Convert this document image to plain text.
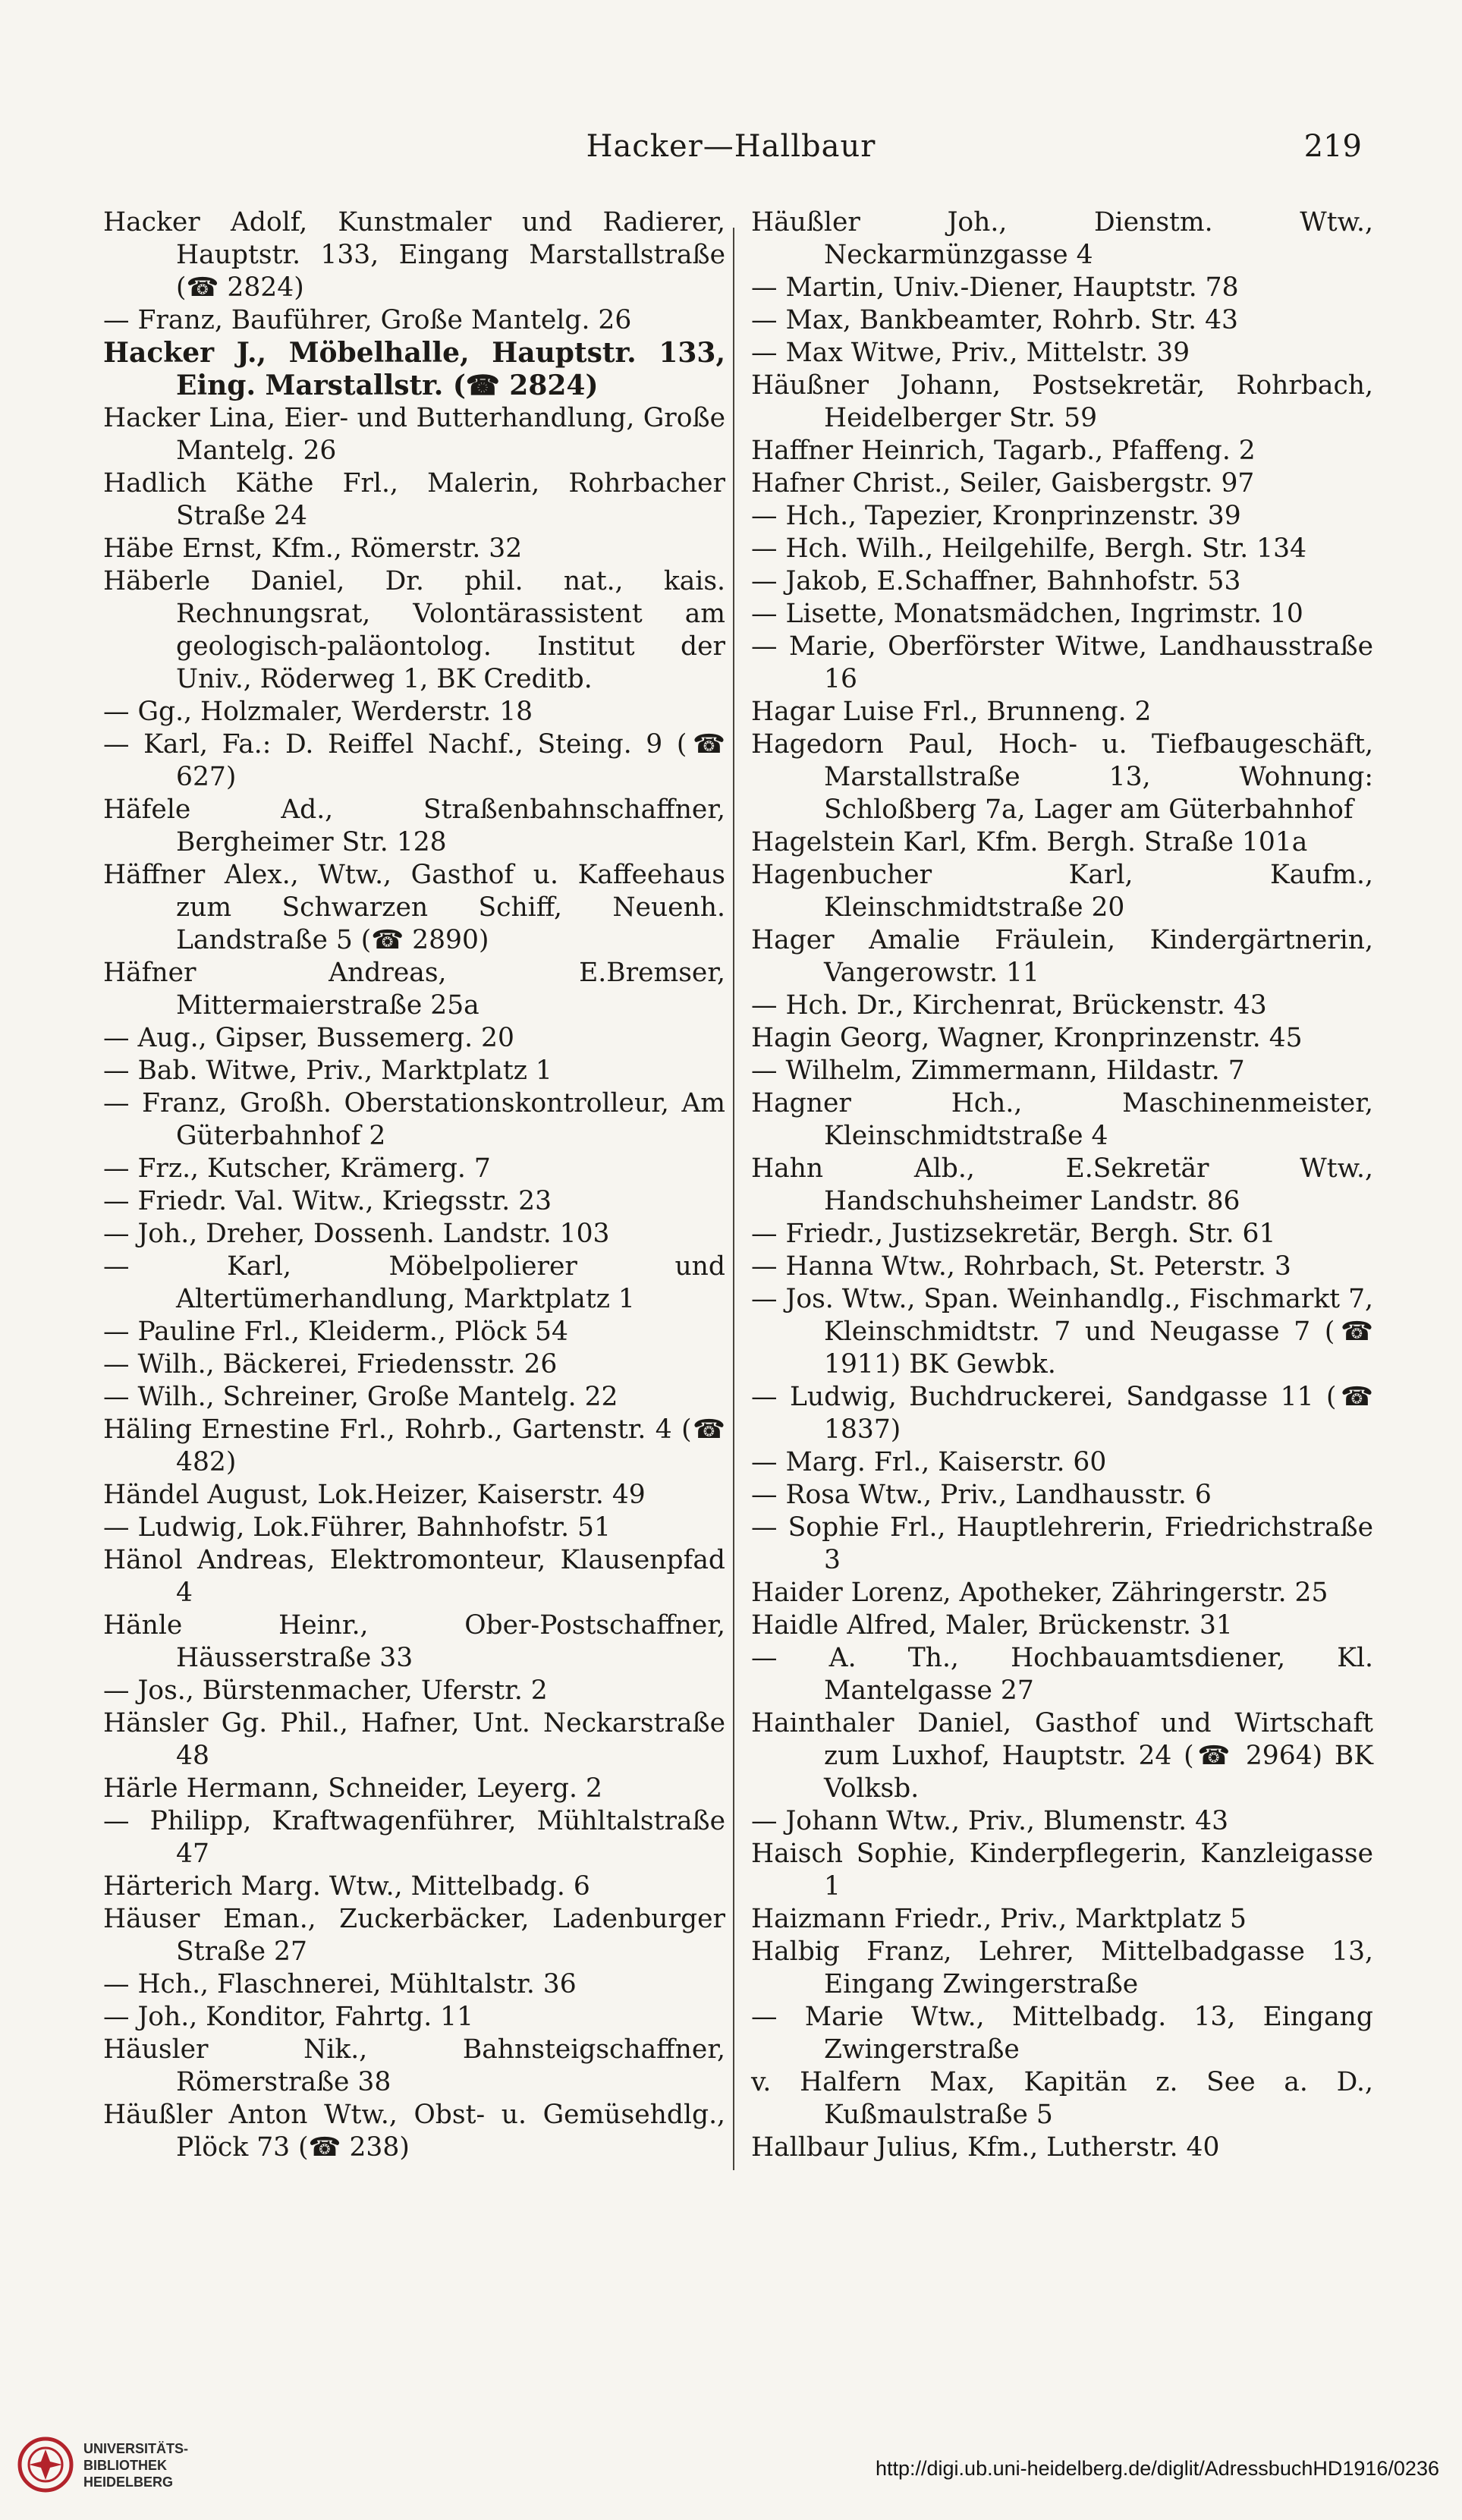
Hacker—Hallbaur	219

Hacker Adolf, Kunstmaler und Radierer, Hauptstr. 133, Eingang Marstallstraße (☎ 2824)

— Franz, Bauführer, Große Mantelg. 26

Hacker J., Möbelhalle, Hauptstr. 133, Eing. Marstallstr. (☎ 2824)

Hacker Lina, Eier- und Butterhandlung, Große Mantelg. 26

Hadlich Käthe Frl., Malerin, Rohrbacher Straße 24

Häbe Ernst, Kfm., Römerstr. 32

Häberle Daniel, Dr. phil. nat., kais. Rechnungsrat, Volontärassistent am geologisch-paläontolog. Institut der Univ., Röderweg 1, BK Creditb.

— Gg., Holzmaler, Werderstr. 18

— Karl, Fa.: D. Reiffel Nachf., Steing. 9 (☎ 627)

Häfele Ad., Straßenbahnschaffner, Bergheimer Str. 128

Häffner Alex., Wtw., Gasthof u. Kaffeehaus zum Schwarzen Schiff, Neuenh. Landstraße 5 (☎ 2890)

Häfner Andreas, E.Bremser, Mittermaierstraße 25a

— Aug., Gipser, Bussemerg. 20

— Bab. Witwe, Priv., Marktplatz 1

— Franz, Großh. Oberstationskontrolleur, Am Güterbahnhof 2

— Frz., Kutscher, Krämerg. 7

— Friedr. Val. Witw., Kriegsstr. 23

— Joh., Dreher, Dossenh. Landstr. 103

— Karl, Möbelpolierer und Altertümerhandlung, Marktplatz 1

— Pauline Frl., Kleiderm., Plöck 54

— Wilh., Bäckerei, Friedensstr. 26

— Wilh., Schreiner, Große Mantelg. 22

Häling Ernestine Frl., Rohrb., Gartenstr. 4 (☎ 482)

Händel August, Lok.Heizer, Kaiserstr. 49

— Ludwig, Lok.Führer, Bahnhofstr. 51

Hänol Andreas, Elektromonteur, Klausenpfad 4

Hänle Heinr., Ober-Postschaffner, Häusserstraße 33

— Jos., Bürstenmacher, Uferstr. 2

Hänsler Gg. Phil., Hafner, Unt. Neckarstraße 48

Härle Hermann, Schneider, Leyerg. 2

— Philipp, Kraftwagenführer, Mühltalstraße 47

Härterich Marg. Wtw., Mittelbadg. 6

Häuser Eman., Zuckerbäcker, Ladenburger Straße 27

— Hch., Flaschnerei, Mühltalstr. 36

— Joh., Konditor, Fahrtg. 11

Häusler Nik., Bahnsteigschaffner, Römerstraße 38

Häußler Anton Wtw., Obst- u. Gemüsehdlg., Plöck 73 (☎ 238)

Häußler Joh., Dienstm. Wtw., Neckarmünzgasse 4

— Martin, Univ.-Diener, Hauptstr. 78

— Max, Bankbeamter, Rohrb. Str. 43

— Max Witwe, Priv., Mittelstr. 39

Häußner Johann, Postsekretär, Rohrbach, Heidelberger Str. 59

Haffner Heinrich, Tagarb., Pfaffeng. 2

Hafner Christ., Seiler, Gaisbergstr. 97

— Hch., Tapezier, Kronprinzenstr. 39

— Hch. Wilh., Heilgehilfe, Bergh. Str. 134

— Jakob, E.Schaffner, Bahnhofstr. 53

— Lisette, Monatsmädchen, Ingrimstr. 10

— Marie, Oberförster Witwe, Landhausstraße 16

Hagar Luise Frl., Brunneng. 2

Hagedorn Paul, Hoch- u. Tiefbaugeschäft, Marstallstraße 13, Wohnung: Schloßberg 7a, Lager am Güterbahnhof

Hagelstein Karl, Kfm. Bergh. Straße 101a

Hagenbucher Karl, Kaufm., Kleinschmidtstraße 20

Hager Amalie Fräulein, Kindergärtnerin, Vangerowstr. 11

— Hch. Dr., Kirchenrat, Brückenstr. 43

Hagin Georg, Wagner, Kronprinzenstr. 45

— Wilhelm, Zimmermann, Hildastr. 7

Hagner Hch., Maschinenmeister, Kleinschmidtstraße 4

Hahn Alb., E.Sekretär Wtw., Handschuhsheimer Landstr. 86

— Friedr., Justizsekretär, Bergh. Str. 61

— Hanna Wtw., Rohrbach, St. Peterstr. 3

— Jos. Wtw., Span. Weinhandlg., Fischmarkt 7, Kleinschmidtstr. 7 und Neugasse 7 (☎ 1911) BK Gewbk.

— Ludwig, Buchdruckerei, Sandgasse 11 (☎ 1837)

— Marg. Frl., Kaiserstr. 60

— Rosa Wtw., Priv., Landhausstr. 6

— Sophie Frl., Hauptlehrerin, Friedrichstraße 3

Haider Lorenz, Apotheker, Zähringerstr. 25

Haidle Alfred, Maler, Brückenstr. 31

— A. Th., Hochbauamtsdiener, Kl. Mantelgasse 27

Hainthaler Daniel, Gasthof und Wirtschaft zum Luxhof, Hauptstr. 24 (☎ 2964) BK Volksb.

— Johann Wtw., Priv., Blumenstr. 43

Haisch Sophie, Kinderpflegerin, Kanzleigasse 1

Haizmann Friedr., Priv., Marktplatz 5

Halbig Franz, Lehrer, Mittelbadgasse 13, Eingang Zwingerstraße

— Marie Wtw., Mittelbadg. 13, Eingang Zwingerstraße

v. Halfern Max, Kapitän z. See a. D., Kußmaulstraße 5

Hallbaur Julius, Kfm., Lutherstr. 40

UNIVERSITÄTS-
BIBLIOTHEK
HEIDELBERG
http://digi.ub.uni-heidelberg.de/diglit/AdressbuchHD1916/0236
